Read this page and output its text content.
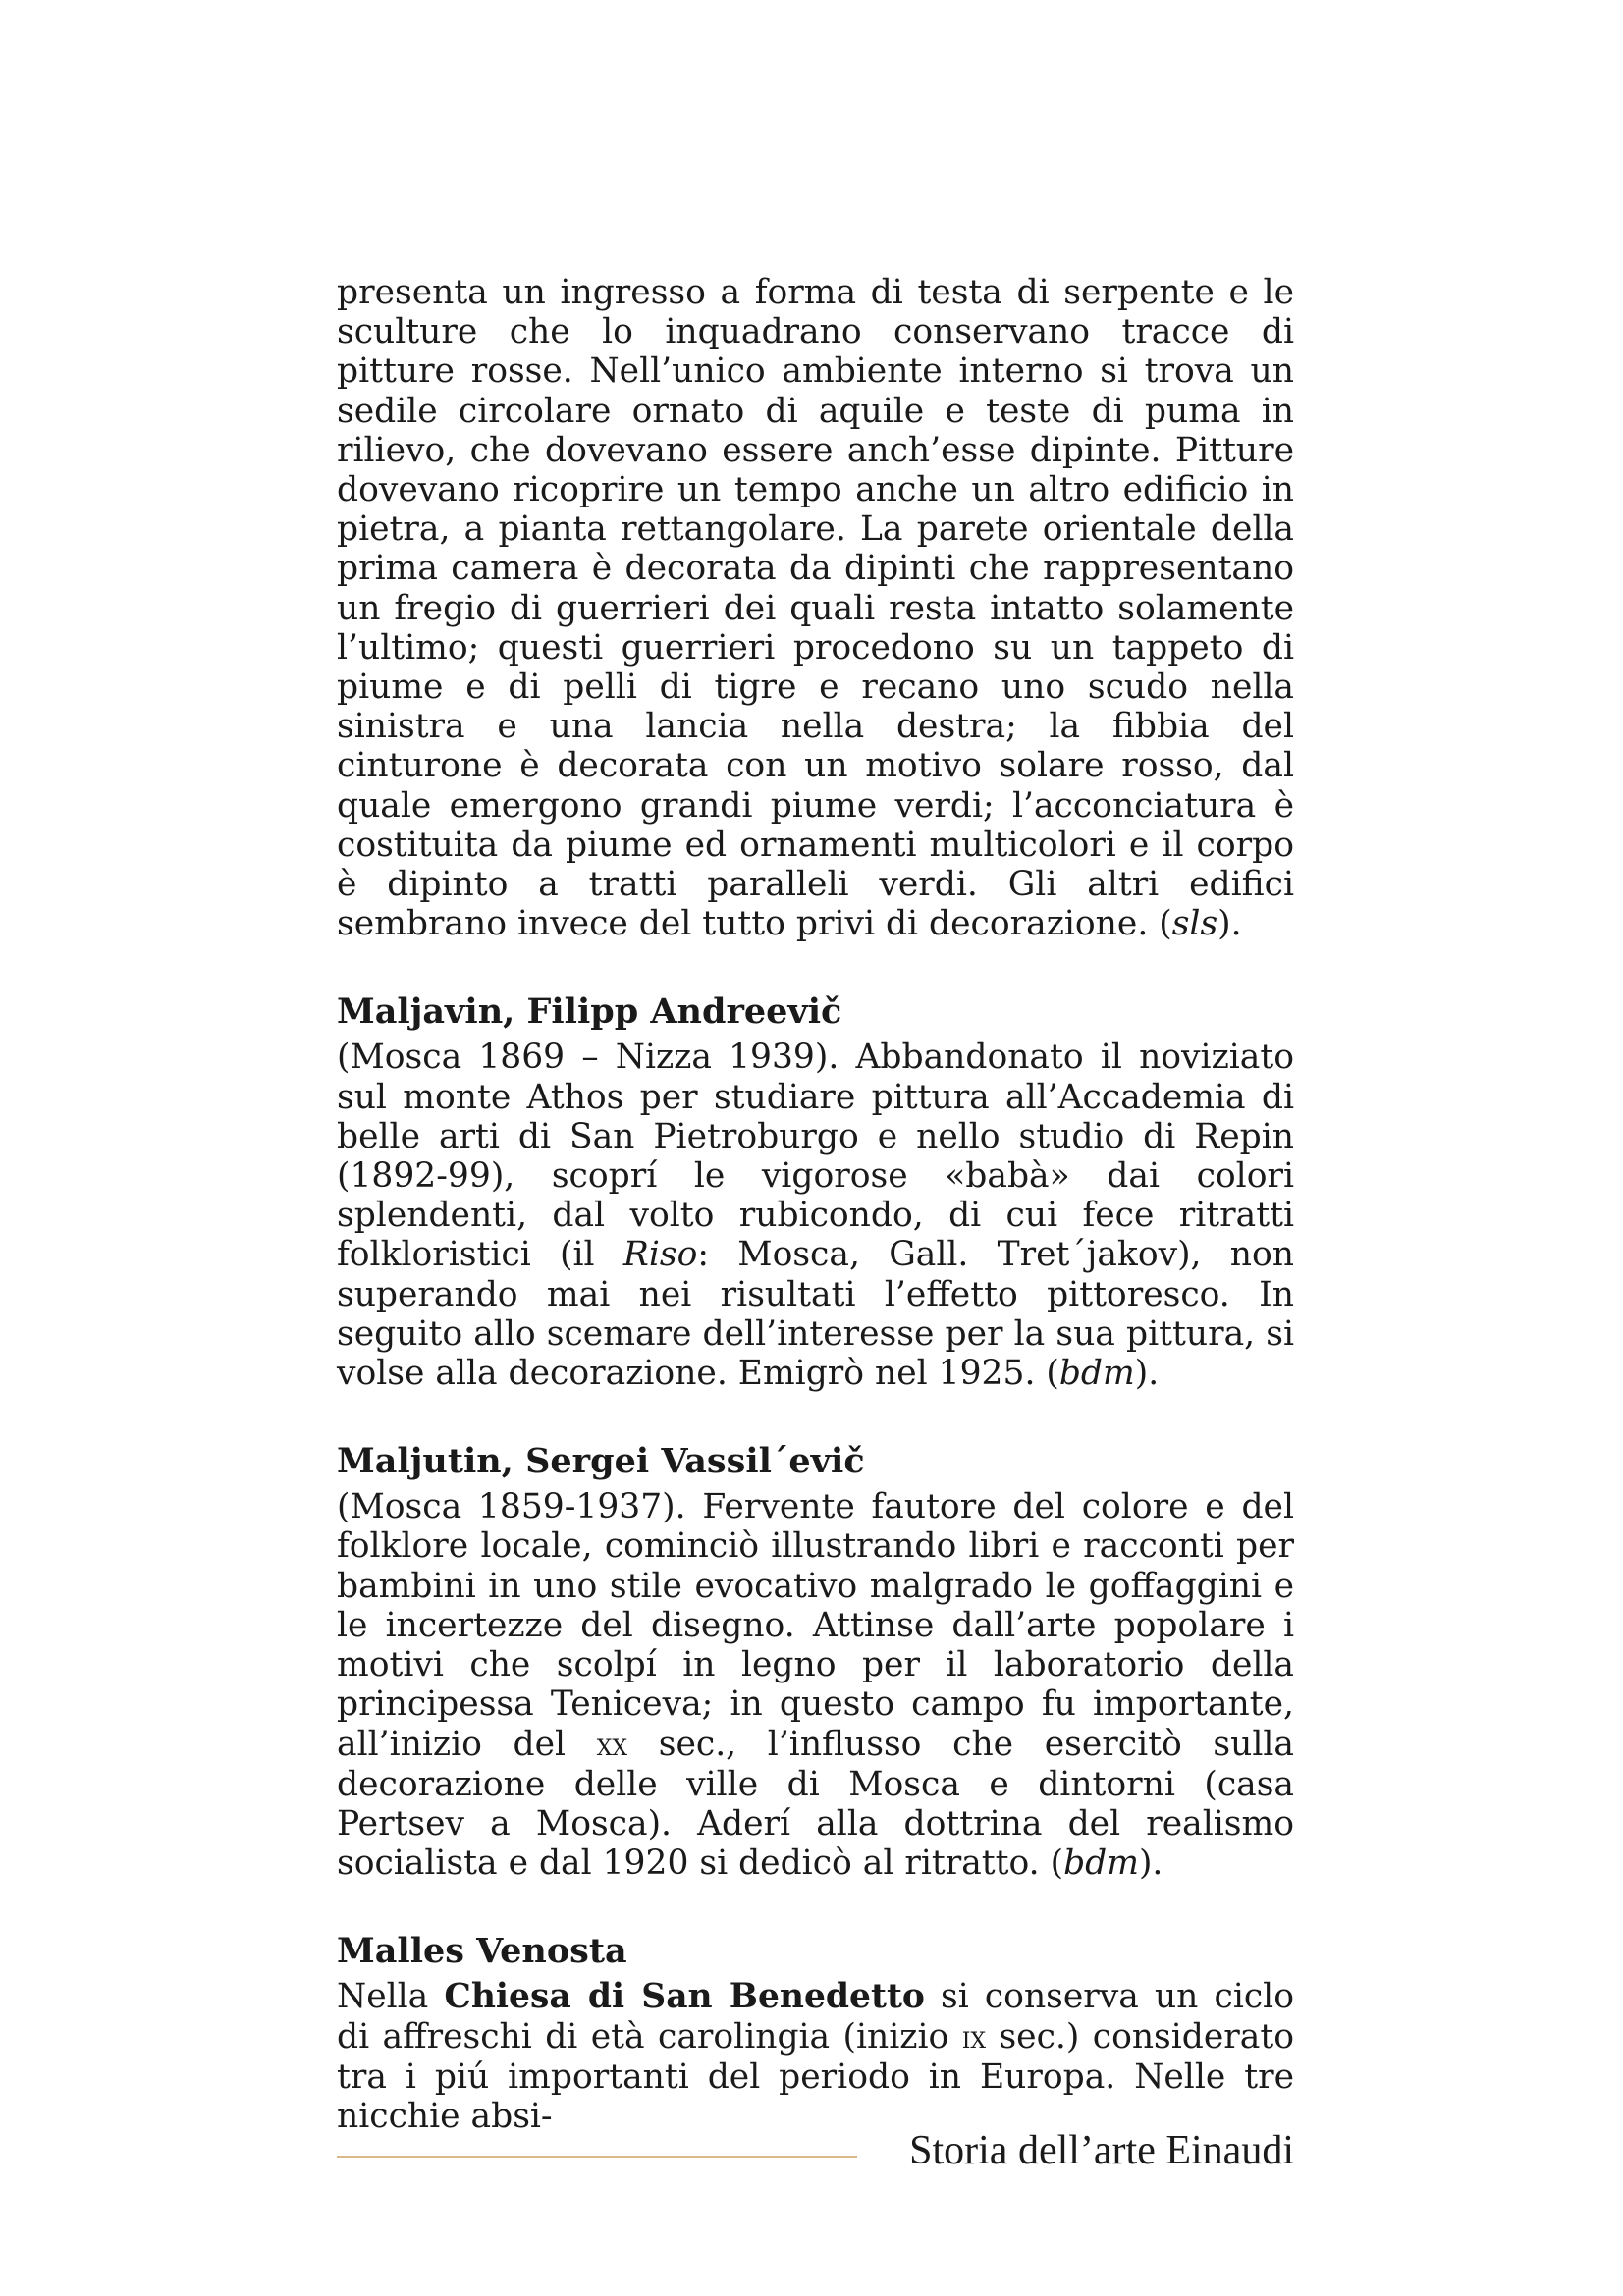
presenta un ingresso a forma di testa di serpente e le sculture che lo inquadrano conservano tracce di pitture rosse. Nell’unico ambiente interno si trova un sedile circolare ornato di aquile e teste di puma in rilievo, che dovevano essere anch’esse dipinte. Pitture dovevano ricoprire un tempo anche un altro edificio in pietra, a pianta rettangolare. La parete orientale della prima camera è decorata da dipinti che rappresentano un fregio di guerrieri dei quali resta intatto solamente l’ultimo; questi guerrieri procedono su un tappeto di piume e di pelli di tigre e recano uno scudo nella sinistra e una lancia nella destra; la fibbia del cinturone è decorata con un motivo solare rosso, dal quale emergono grandi piume verdi; l’acconciatura è costituita da piume ed ornamenti multicolori e il corpo è dipinto a tratti paralleli verdi. Gli altri edifici sembrano invece del tutto privi di decorazione. (sls).

Maljavin, Filipp Andreevič

(Mosca 1869 – Nizza 1939). Abbandonato il noviziato sul monte Athos per studiare pittura all’Accademia di belle arti di San Pietroburgo e nello studio di Repin (1892-99), scoprí le vigorose «babà» dai colori splendenti, dal volto rubicondo, di cui fece ritratti folkloristici (il Riso: Mosca, Gall. Tret´jakov), non superando mai nei risultati l’effetto pittoresco. In seguito allo scemare dell’interesse per la sua pittura, si volse alla decorazione. Emigrò nel 1925. (bdm).

Maljutin, Sergei Vassil´evič

(Mosca 1859-1937). Fervente fautore del colore e del folklore locale, cominciò illustrando libri e racconti per bambini in uno stile evocativo malgrado le goffaggini e le incertezze del disegno. Attinse dall’arte popolare i motivi che scolpí in legno per il laboratorio della principessa Teniceva; in questo campo fu importante, all’inizio del xx sec., l’influsso che esercitò sulla decorazione delle ville di Mosca e dintorni (casa Pertsev a Mosca). Aderí alla dottrina del realismo socialista e dal 1920 si dedicò al ritratto. (bdm).

Malles Venosta

Nella Chiesa di San Benedetto si conserva un ciclo di affreschi di età carolingia (inizio ix sec.) considerato tra i piú importanti del periodo in Europa. Nelle tre nicchie absi-

Storia dell’arte Einaudi
